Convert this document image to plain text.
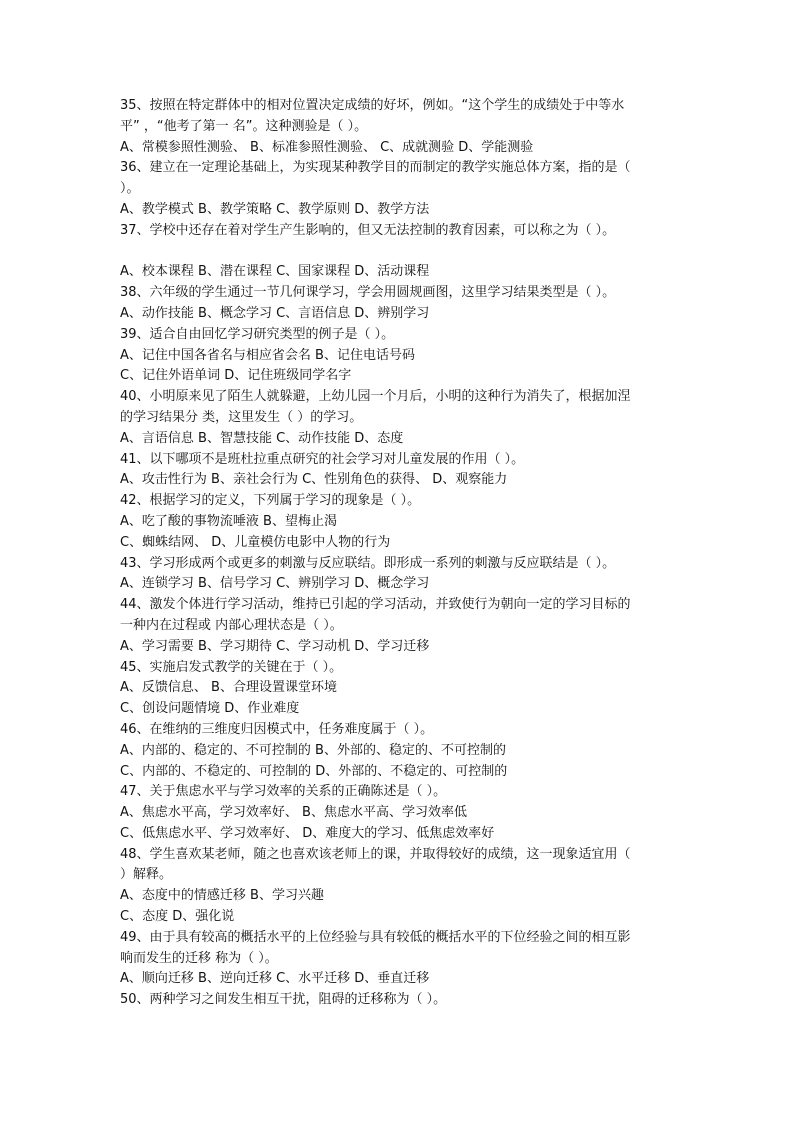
35、按照在特定群体中的相对位置决定成绩的好坏，例如。“这个学生的成绩处于中等水
平” ，“他考了第一 名”。这种测验是（ ）。
A、常模参照性测验、 B、标准参照性测验、 C、成就测验 D、学能测验
36、建立在一定理论基础上，为实现某种教学目的而制定的教学实施总体方案，指的是（
）。
A、教学模式 B、教学策略 C、教学原则 D、教学方法
37、学校中还存在着对学生产生影响的，但又无法控制的教育因素，可以称之为（ ）。
A、校本课程 B、潜在课程 C、国家课程 D、活动课程
38、六年级的学生通过一节几何课学习，学会用圆规画图，这里学习结果类型是（ ）。
A、动作技能 B、概念学习 C、言语信息 D、辨别学习
39、适合自由回忆学习研究类型的例子是（ ）。
A、记住中国各省名与相应省会名 B、记住电话号码
C、记住外语单词 D、记住班级同学名字
40、小明原来见了陌生人就躲避，上幼儿园一个月后，小明的这种行为消失了，根据加涅
的学习结果分 类，这里发生（ ）的学习。
A、言语信息 B、智慧技能 C、动作技能 D、态度
41、以下哪项不是班杜拉重点研究的社会学习对儿童发展的作用（ ）。
A、攻击性行为 B、亲社会行为 C、性别角色的获得、 D、观察能力
42、根据学习的定义，下列属于学习的现象是（ ）。
A、吃了酸的事物流唾液 B、望梅止渴
C、蜘蛛结网、 D、儿童模仿电影中人物的行为
43、学习形成两个或更多的刺激与反应联结。即形成一系列的刺激与反应联结是（ ）。
A、连锁学习 B、信号学习 C、辨别学习 D、概念学习
44、激发个体进行学习活动，维持已引起的学习活动，并致使行为朝向一定的学习目标的
一种内在过程或 内部心理状态是（ ）。
A、学习需要 B、学习期待 C、学习动机 D、学习迁移
45、实施启发式教学的关键在于（ ）。
A、反馈信息、 B、合理设置课堂环境
C、创设问题情境 D、作业难度
46、在维纳的三维度归因模式中，任务难度属于（ ）。
A、内部的、稳定的、不可控制的 B、外部的、稳定的、不可控制的
C、内部的、不稳定的、可控制的 D、外部的、不稳定的、可控制的
47、关于焦虑水平与学习效率的关系的正确陈述是（ ）。
A、焦虑水平高，学习效率好、 B、焦虑水平高、学习效率低
C、低焦虑水平、学习效率好、 D、难度大的学习、低焦虑效率好
48、学生喜欢某老师，随之也喜欢该老师上的课，并取得较好的成绩，这一现象适宜用（
）解释。
A、态度中的情感迁移 B、学习兴趣
C、态度 D、强化说
49、由于具有较高的概括水平的上位经验与具有较低的概括水平的下位经验之间的相互影
响而发生的迁移 称为（ ）。
A、顺向迁移 B、逆向迁移 C、水平迁移 D、垂直迁移
50、两种学习之间发生相互干扰，阻碍的迁移称为（ ）。
